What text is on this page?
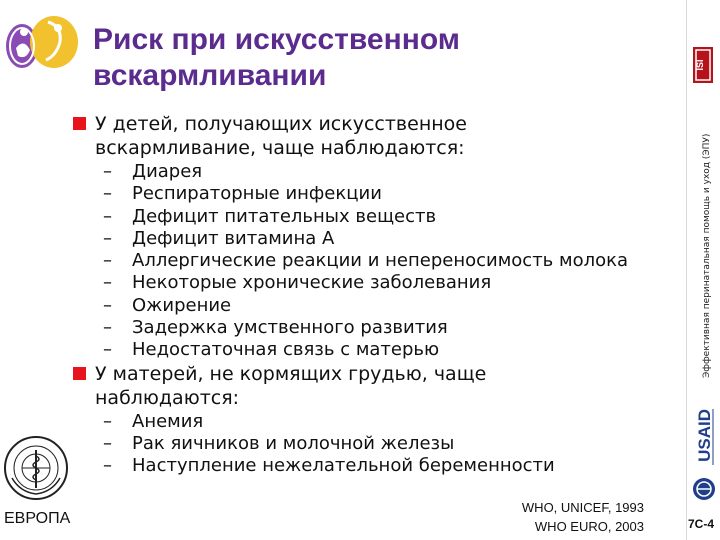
Риск при искусственном
вскармливании	ISI
Эффективная перинатальная помощь и уход (ЭПУ)
USAID
У детей, получающих искусственное
вскармливание, чаще наблюдаются:
– Диарея
– Респираторные инфекции
– Дефицит питательных веществ
– Дефицит витамина А
– Аллергические реакции и непереносимость молока
– Некоторые хронические заболевания
– Ожирение
– Задержка умственного развития
– Недостаточная связь с матерью
У матерей, не кормящих грудью, чаще
наблюдаются:
– Анемия
– Рак яичников и молочной железы
– Наступление нежелательной беременности
ЕВРОПА
WHO, UNICEF, 1993
WHO EURO, 2003	7C-4
